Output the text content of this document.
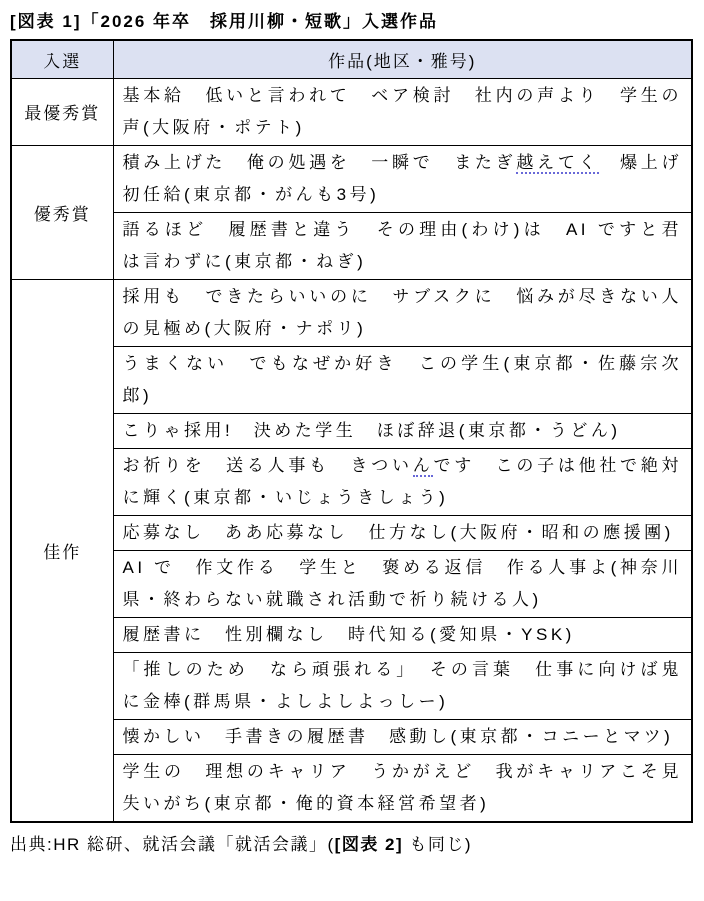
[図表 1]「2026 年卒　採用川柳・短歌」入選作品
入選	作品(地区・雅号)
最優秀賞	基本給　低いと言われて　ベア検討　社内の声より　学生の声(大阪府・ポテト)
優秀賞	積み上げた　俺の処遇を　一瞬で　またぎ越えてく　爆上げ初任給(東京都・がんも3号)
	語るほど　履歴書と違う　その理由(わけ)は　AI ですと君は言わずに(東京都・ねぎ)
佳作	採用も　できたらいいのに　サブスクに　悩みが尽きない人の見極め(大阪府・ナポリ)
	うまくない　でもなぜか好き　この学生(東京都・佐藤宗次郎)
	こりゃ採用!　決めた学生　ほぼ辞退(東京都・うどん)
	お祈りを　送る人事も　きついんです　この子は他社で絶対に輝く(東京都・いじょうきしょう)
	応募なし　ああ応募なし　仕方なし(大阪府・昭和の應援團)
	AI で　作文作る　学生と　褒める返信　作る人事よ(神奈川県・終わらない就職され活動で祈り続ける人)
	履歴書に　性別欄なし　時代知る(愛知県・YSK)
	「推しのため　なら頑張れる」　その言葉　仕事に向けば鬼に金棒(群馬県・よしよしよっしー)
	懐かしい　手書きの履歴書　感動し(東京都・コニーとマツ)
	学生の　理想のキャリア　うかがえど　我がキャリアこそ見失いがち(東京都・俺的資本経営希望者)

出典:HR 総研、就活会議「就活会議」([図表 2] も同じ)
